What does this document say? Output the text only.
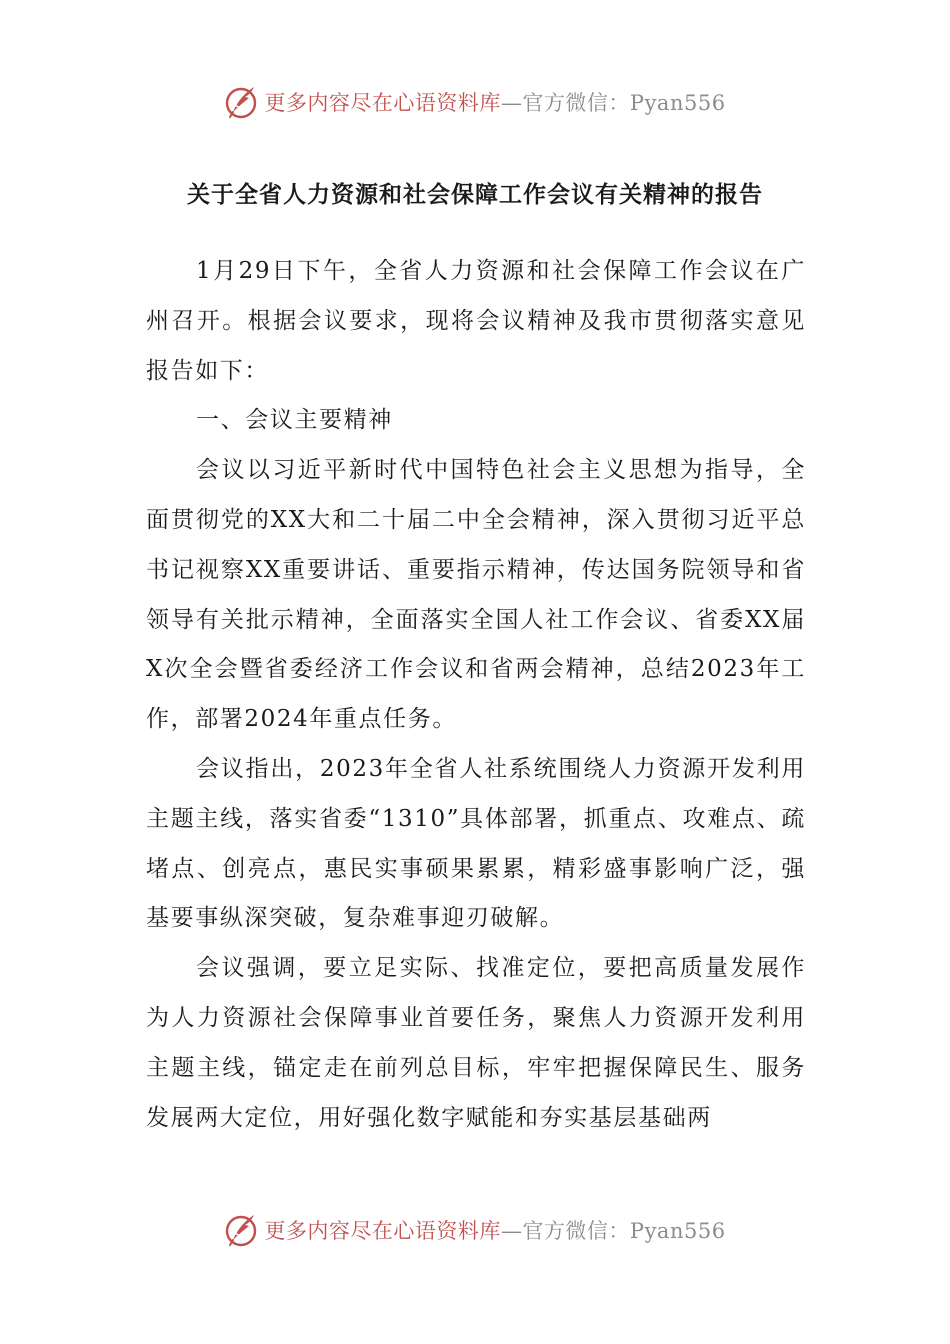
更多内容尽在心语资料库—官方微信：Pyan556
关于全省人力资源和社会保障工作会议有关精神的报告

1月29日下午，全省人力资源和社会保障工作会议在广州召开。根据会议要求，现将会议精神及我市贯彻落实意见报告如下：

一、会议主要精神

会议以习近平新时代中国特色社会主义思想为指导，全面贯彻党的XX大和二十届二中全会精神，深入贯彻习近平总书记视察XX重要讲话、重要指示精神，传达国务院领导和省领导有关批示精神，全面落实全国人社工作会议、省委XX届X次全会暨省委经济工作会议和省两会精神，总结2023年工作，部署2024年重点任务。

会议指出，2023年全省人社系统围绕人力资源开发利用主题主线，落实省委“1310”具体部署，抓重点、攻难点、疏堵点、创亮点，惠民实事硕果累累，精彩盛事影响广泛，强基要事纵深突破，复杂难事迎刃破解。

会议强调，要立足实际、找准定位，要把高质量发展作为人力资源社会保障事业首要任务，聚焦人力资源开发利用主题主线，锚定走在前列总目标，牢牢把握保障民生、服务发展两大定位，用好强化数字赋能和夯实基层基础两

更多内容尽在心语资料库—官方微信：Pyan556
